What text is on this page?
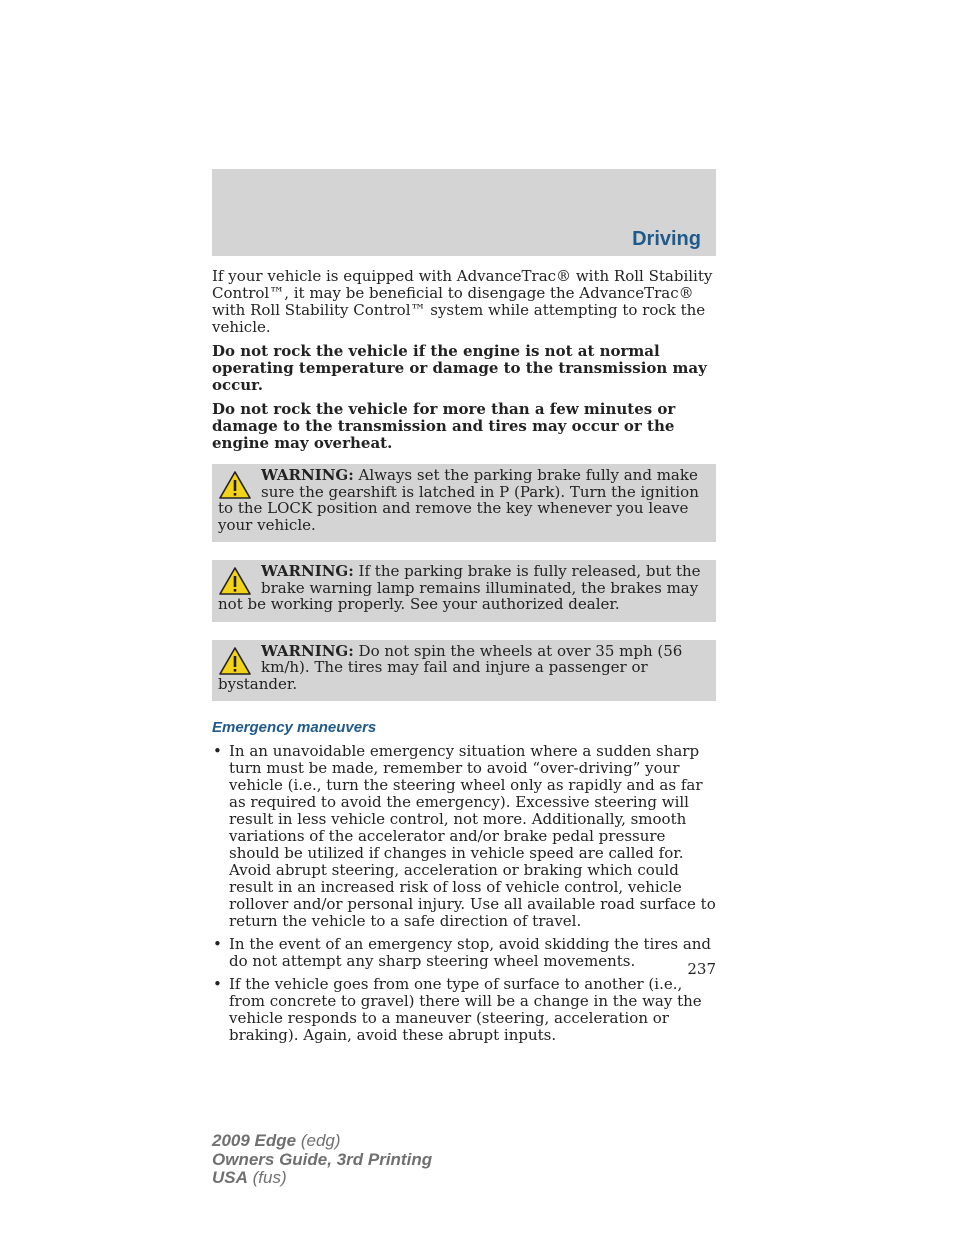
Driving

If your vehicle is equipped with AdvanceTrac® with Roll Stability Control™, it may be beneficial to disengage the AdvanceTrac® with Roll Stability Control™ system while attempting to rock the vehicle.

Do not rock the vehicle if the engine is not at normal operating temperature or damage to the transmission may occur.

Do not rock the vehicle for more than a few minutes or damage to the transmission and tires may occur or the engine may overheat.

WARNING: Always set the parking brake fully and make sure the gearshift is latched in P (Park). Turn the ignition to the LOCK position and remove the key whenever you leave your vehicle.
WARNING: If the parking brake is fully released, but the brake warning lamp remains illuminated, the brakes may not be working properly. See your authorized dealer.
WARNING: Do not spin the wheels at over 35 mph (56 km/h). The tires may fail and injure a passenger or bystander.
Emergency maneuvers
• In an unavoidable emergency situation where a sudden sharp turn must be made, remember to avoid “over-driving” your vehicle (i.e., turn the steering wheel only as rapidly and as far as required to avoid the emergency). Excessive steering will result in less vehicle control, not more. Additionally, smooth variations of the accelerator and/or brake pedal pressure should be utilized if changes in vehicle speed are called for. Avoid abrupt steering, acceleration or braking which could result in an increased risk of loss of vehicle control, vehicle rollover and/or personal injury. Use all available road surface to return the vehicle to a safe direction of travel.
• In the event of an emergency stop, avoid skidding the tires and do not attempt any sharp steering wheel movements.
• If the vehicle goes from one type of surface to another (i.e., from concrete to gravel) there will be a change in the way the vehicle responds to a maneuver (steering, acceleration or braking). Again, avoid these abrupt inputs.
237
2009 Edge (edg)
Owners Guide, 3rd Printing
USA (fus)
